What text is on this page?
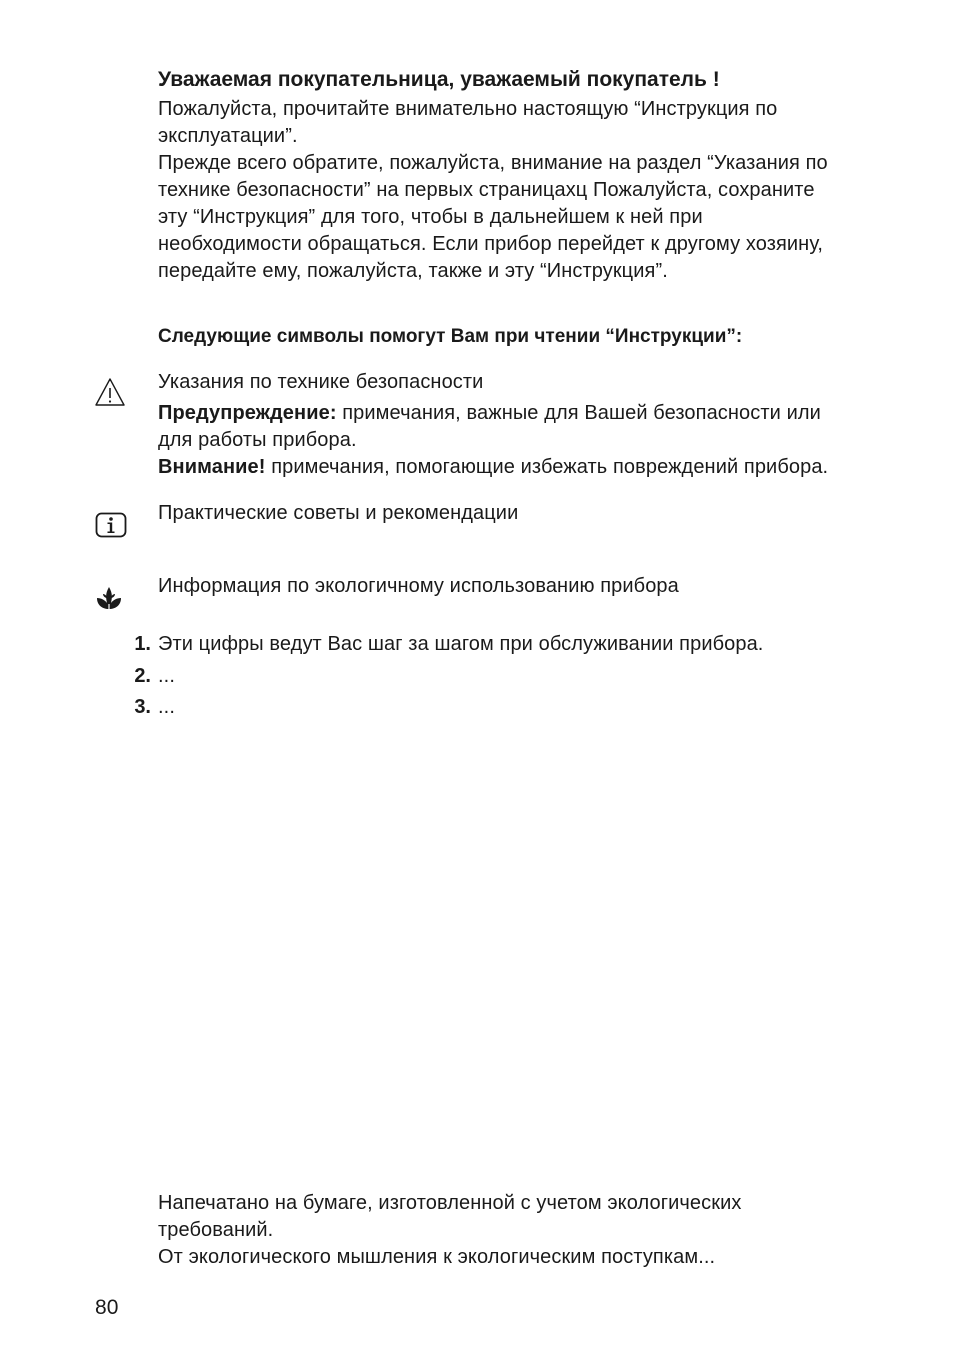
Уважаемая покупательница, уважаемый покупатель !
Пожалуйста, прочитайте внимательно настоящую “Инструкция по
эксплуатации”.
Прежде всего обратите, пожалуйста, внимание на раздел “Указания по
технике безопасности” на первых страницахц Пожалуйста, сохраните
эту “Инструкция” для того, чтобы в дальнейшем к ней при
необходимости обращаться. Если прибор перейдет к другому хозяину,
передайте ему, пожалуйста, также и эту “Инструкция”.
Следующие символы помогут Вам при чтении “Инструкции”:
Указания по технике безопасности
Предупреждение: примечания, важные для Вашей безопасности или
для работы прибора.
Внимание! примечания, помогающие избежать повреждений прибора.
Практические советы и рекомендации
Информация по экологичному использованию прибора
1. Эти цифры ведут Вас шаг за шагом при обслуживании прибора.
2. ...
3. ...
Напечатано на бумаге, изготовленной с учетом экологических
требований.
От экологического мышления к экологическим поступкам...
80
